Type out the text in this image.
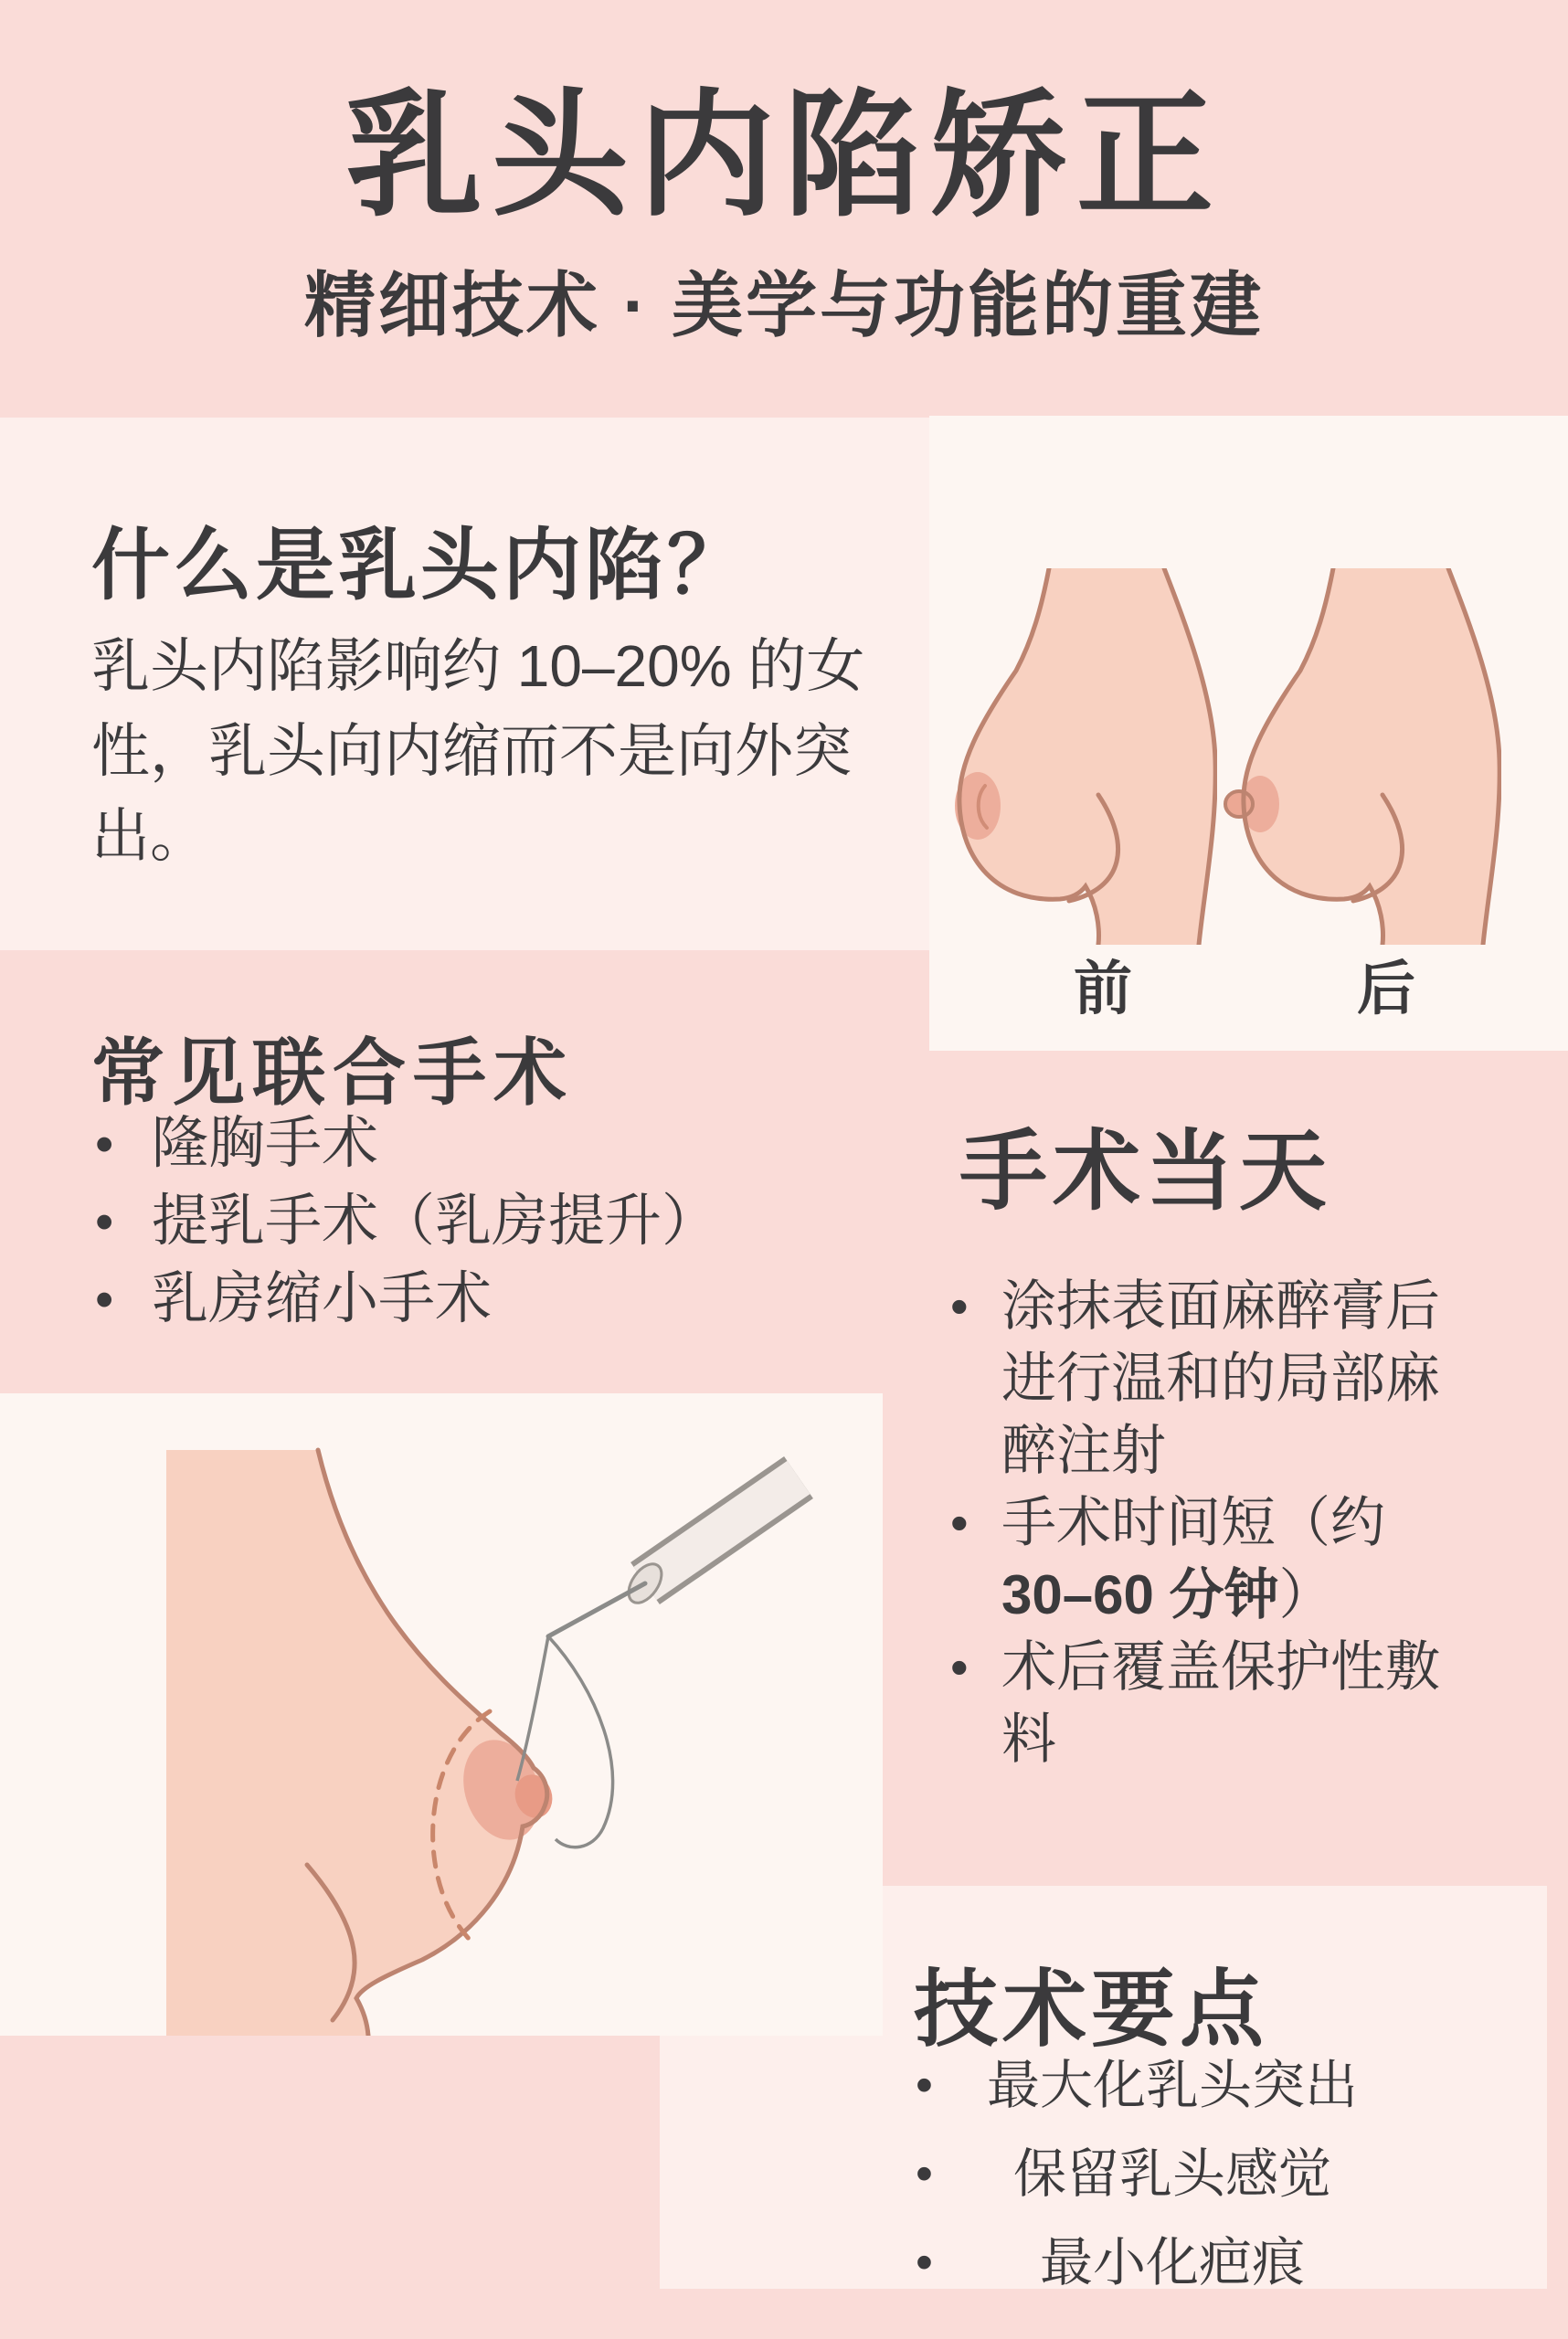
乳头内陷矫正
精细技术 · 美学与功能的重建
什么是乳头内陷？

乳头内陷影响约 10–20% 的女性，乳头向内缩而不是向外突出。

前	后
常见联合手术
• 隆胸手术
• 提乳手术（乳房提升）
• 乳房缩小手术
手术当天
• 涂抹表面麻醉膏后进行温和的局部麻醉注射
• 手术时间短（约 30–60 分钟）
• 术后覆盖保护性敷料
技术要点
• 最大化乳头突出
• 保留乳头感觉
• 最小化疤痕
